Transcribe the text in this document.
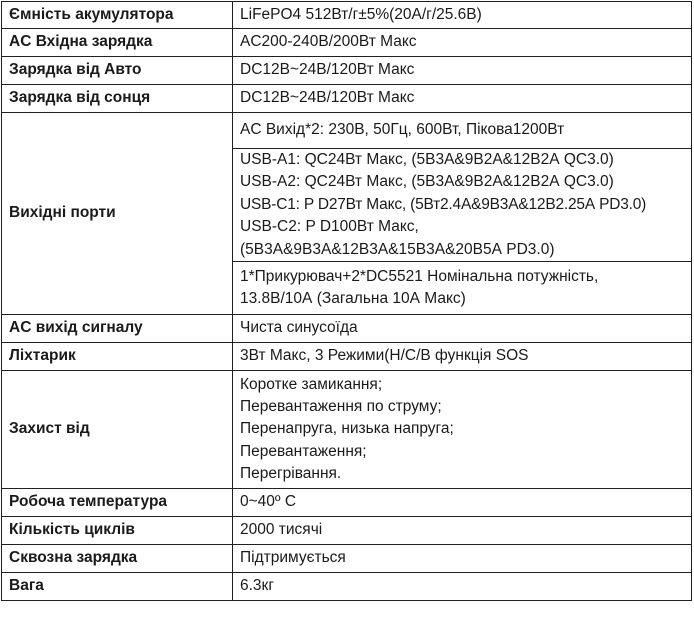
Ємність акумулятора	LiFePO4 512Вт/г±5%(20А/г/25.6В)
AC Вхідна зарядка	AC200-240В/200Вт Макс
Зарядка від Авто	DC12В~24В/120Вт Макс
Зарядка від сонця	DC12В~24В/120Вт Макс
Вихідні порти	AC Вихід*2: 230В, 50Гц, 600Вт, Пікова1200Вт

	USB-A1: QC24Вт Макс, (5В3А&9В2А&12В2А QC3.0)
USB-A2: QC24Вт Макс, (5В3А&9В2А&12В2А QC3.0)
USB-C1: P D27Вт Макс, (5Вт2.4А&9В3А&12В2.25А PD3.0)
USB-C2: P D100Вт Макс,
(5В3А&9В3А&12В3А&15В3А&20В5А PD3.0)

	1*Прикурювач+2*DC5521 Номінальна потужність,
13.8В/10А (Загальна 10А Макс)

AC вихід сигналу	Чиста синусоїда
Ліхтарик	3Вт Макс, 3 Режими(Н/С/В функція SOS
Захист від	Коротке замикання;
Перевантаження по струму;
Перенапруга, низька напруга;
Перевантаження;
Перегрівання.

Робоча температура	0~40º С
Кількість циклів	2000 тисячі
Сквозна зарядка	Підтримується
Вага	6.3кг
